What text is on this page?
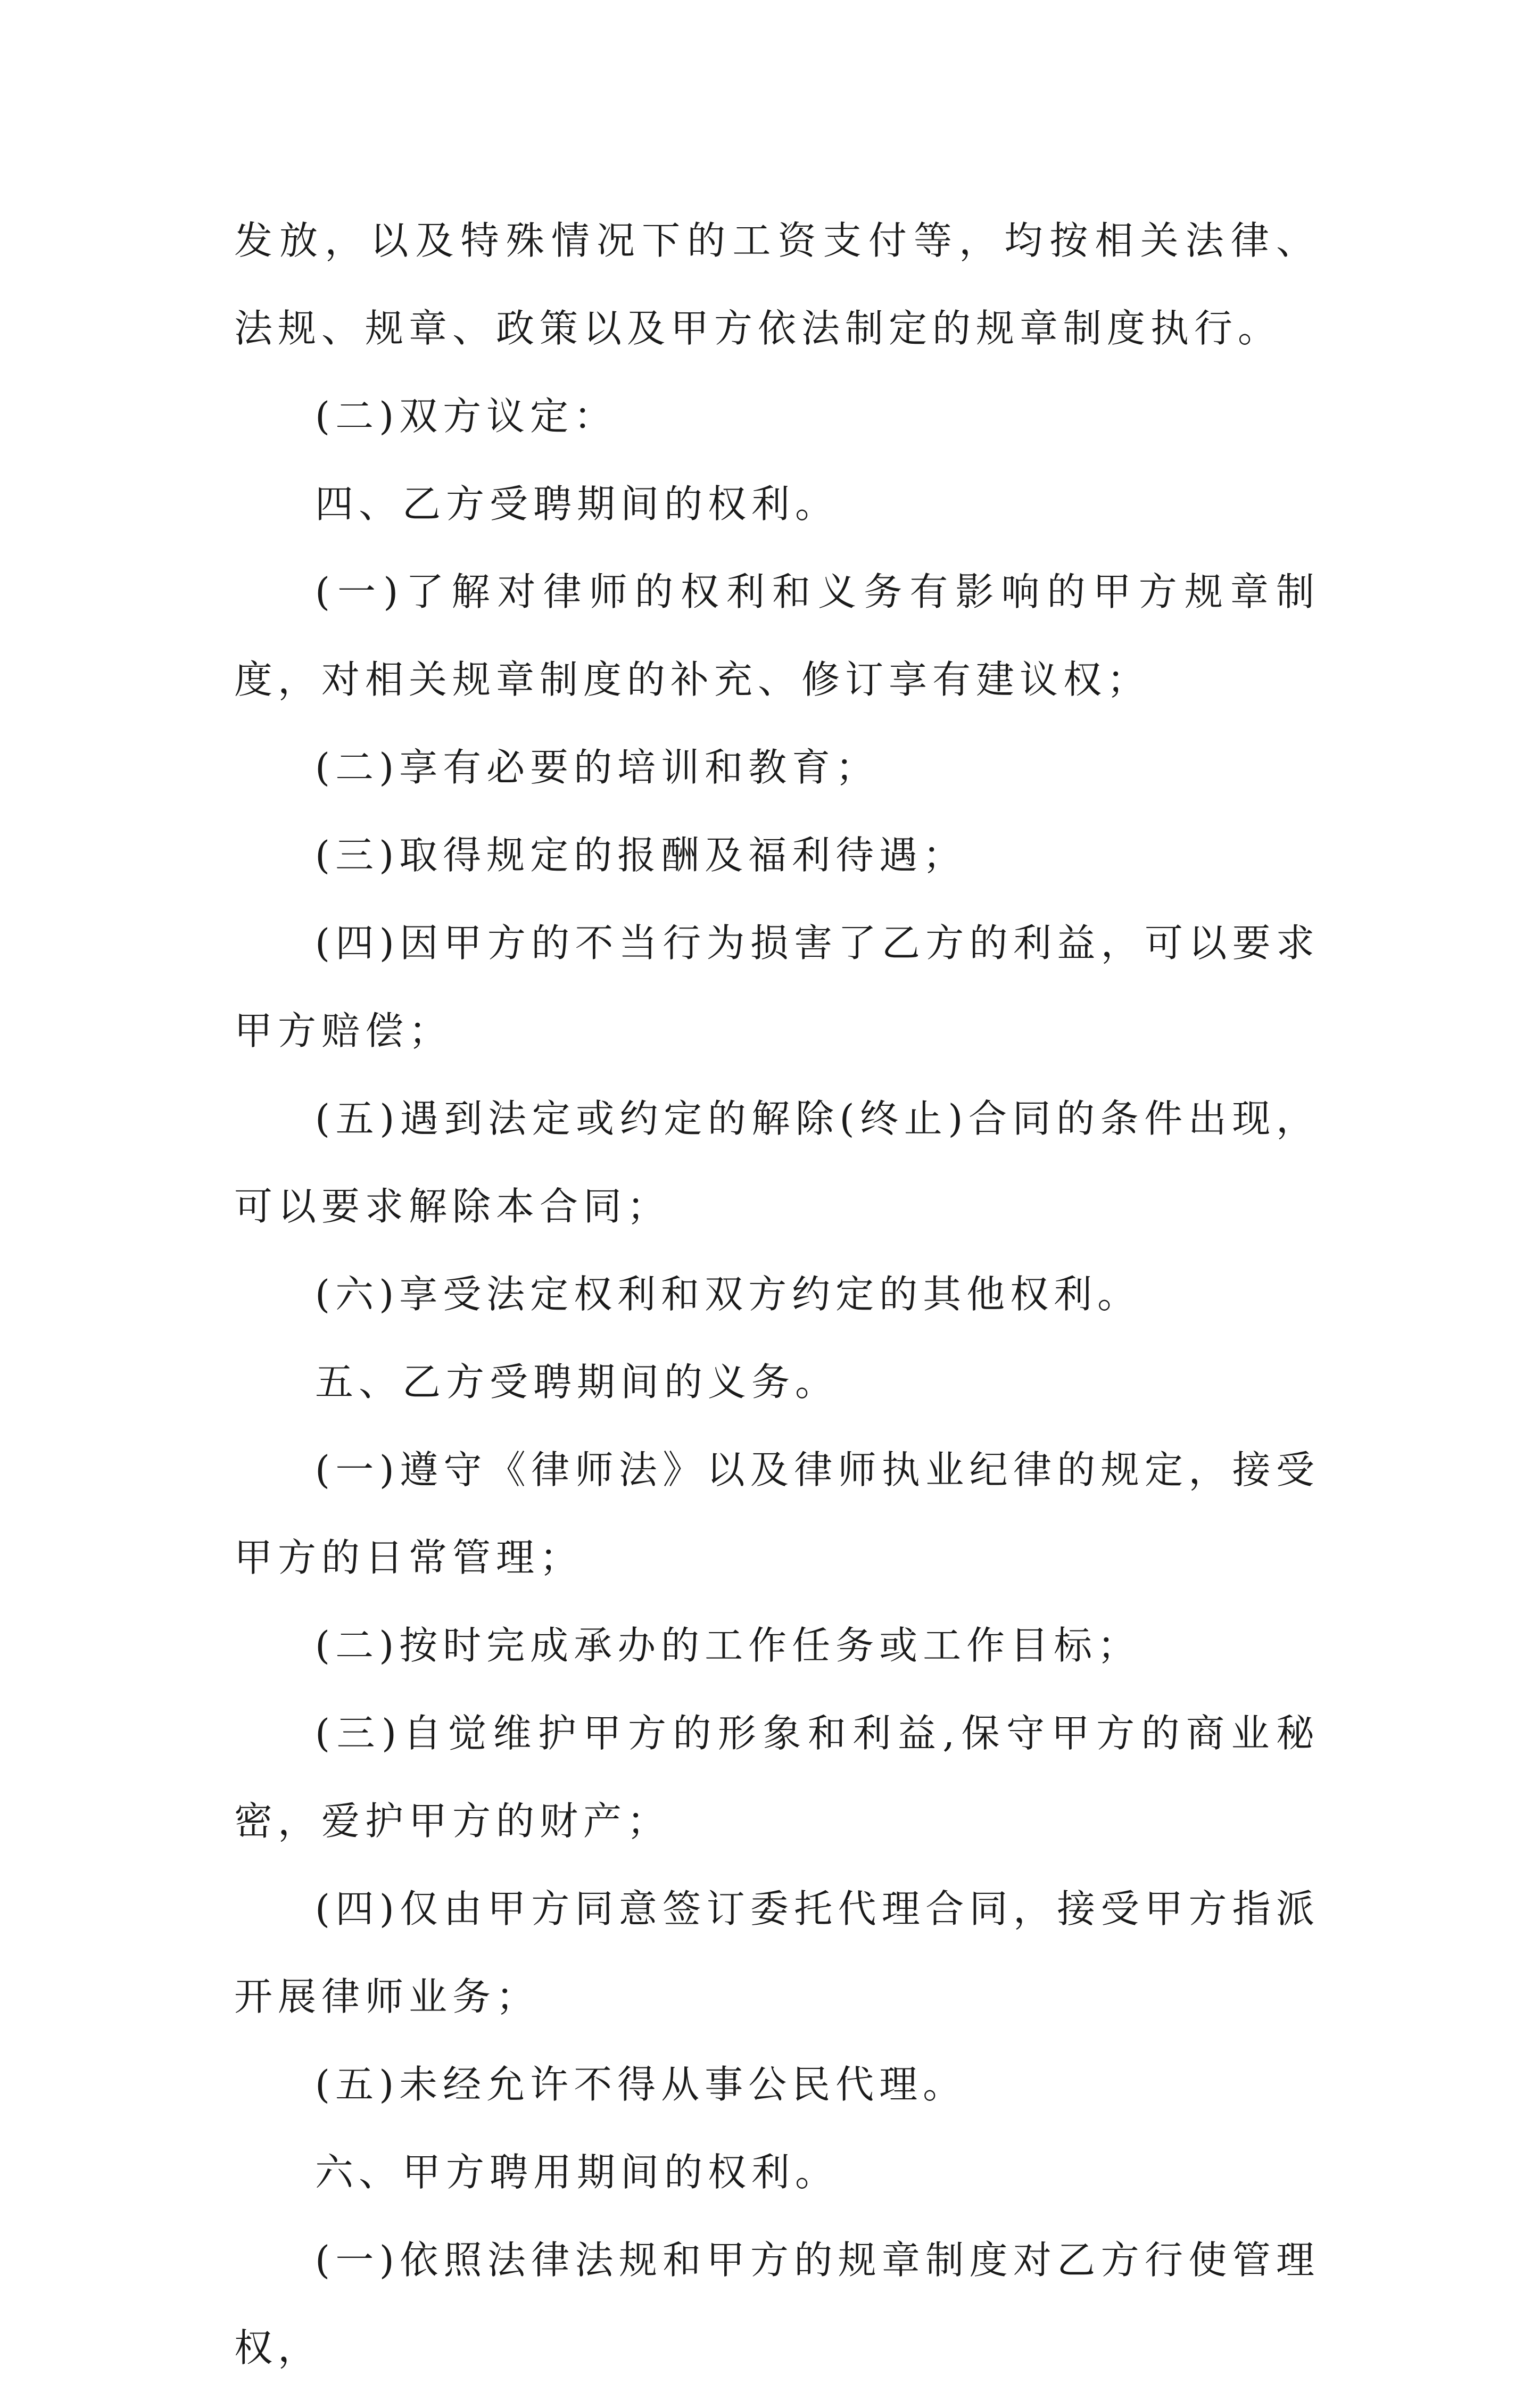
发放，以及特殊情况下的工资支付等，均按相关法律、法规、规章、政策以及甲方依法制定的规章制度执行。

(二)双方议定：

四、乙方受聘期间的权利。

(一)了解对律师的权利和义务有影响的甲方规章制度，对相关规章制度的补充、修订享有建议权；

(二)享有必要的培训和教育；

(三)取得规定的报酬及福利待遇；

(四)因甲方的不当行为损害了乙方的利益，可以要求甲方赔偿；

(五)遇到法定或约定的解除(终止)合同的条件出现，可以要求解除本合同；

(六)享受法定权利和双方约定的其他权利。

五、乙方受聘期间的义务。

(一)遵守《律师法》以及律师执业纪律的规定，接受甲方的日常管理；

(二)按时完成承办的工作任务或工作目标；

(三)自觉维护甲方的形象和利益,保守甲方的商业秘密，爱护甲方的财产；

(四)仅由甲方同意签订委托代理合同，接受甲方指派开展律师业务；

(五)未经允许不得从事公民代理。

六、甲方聘用期间的权利。

(一)依照法律法规和甲方的规章制度对乙方行使管理权，
